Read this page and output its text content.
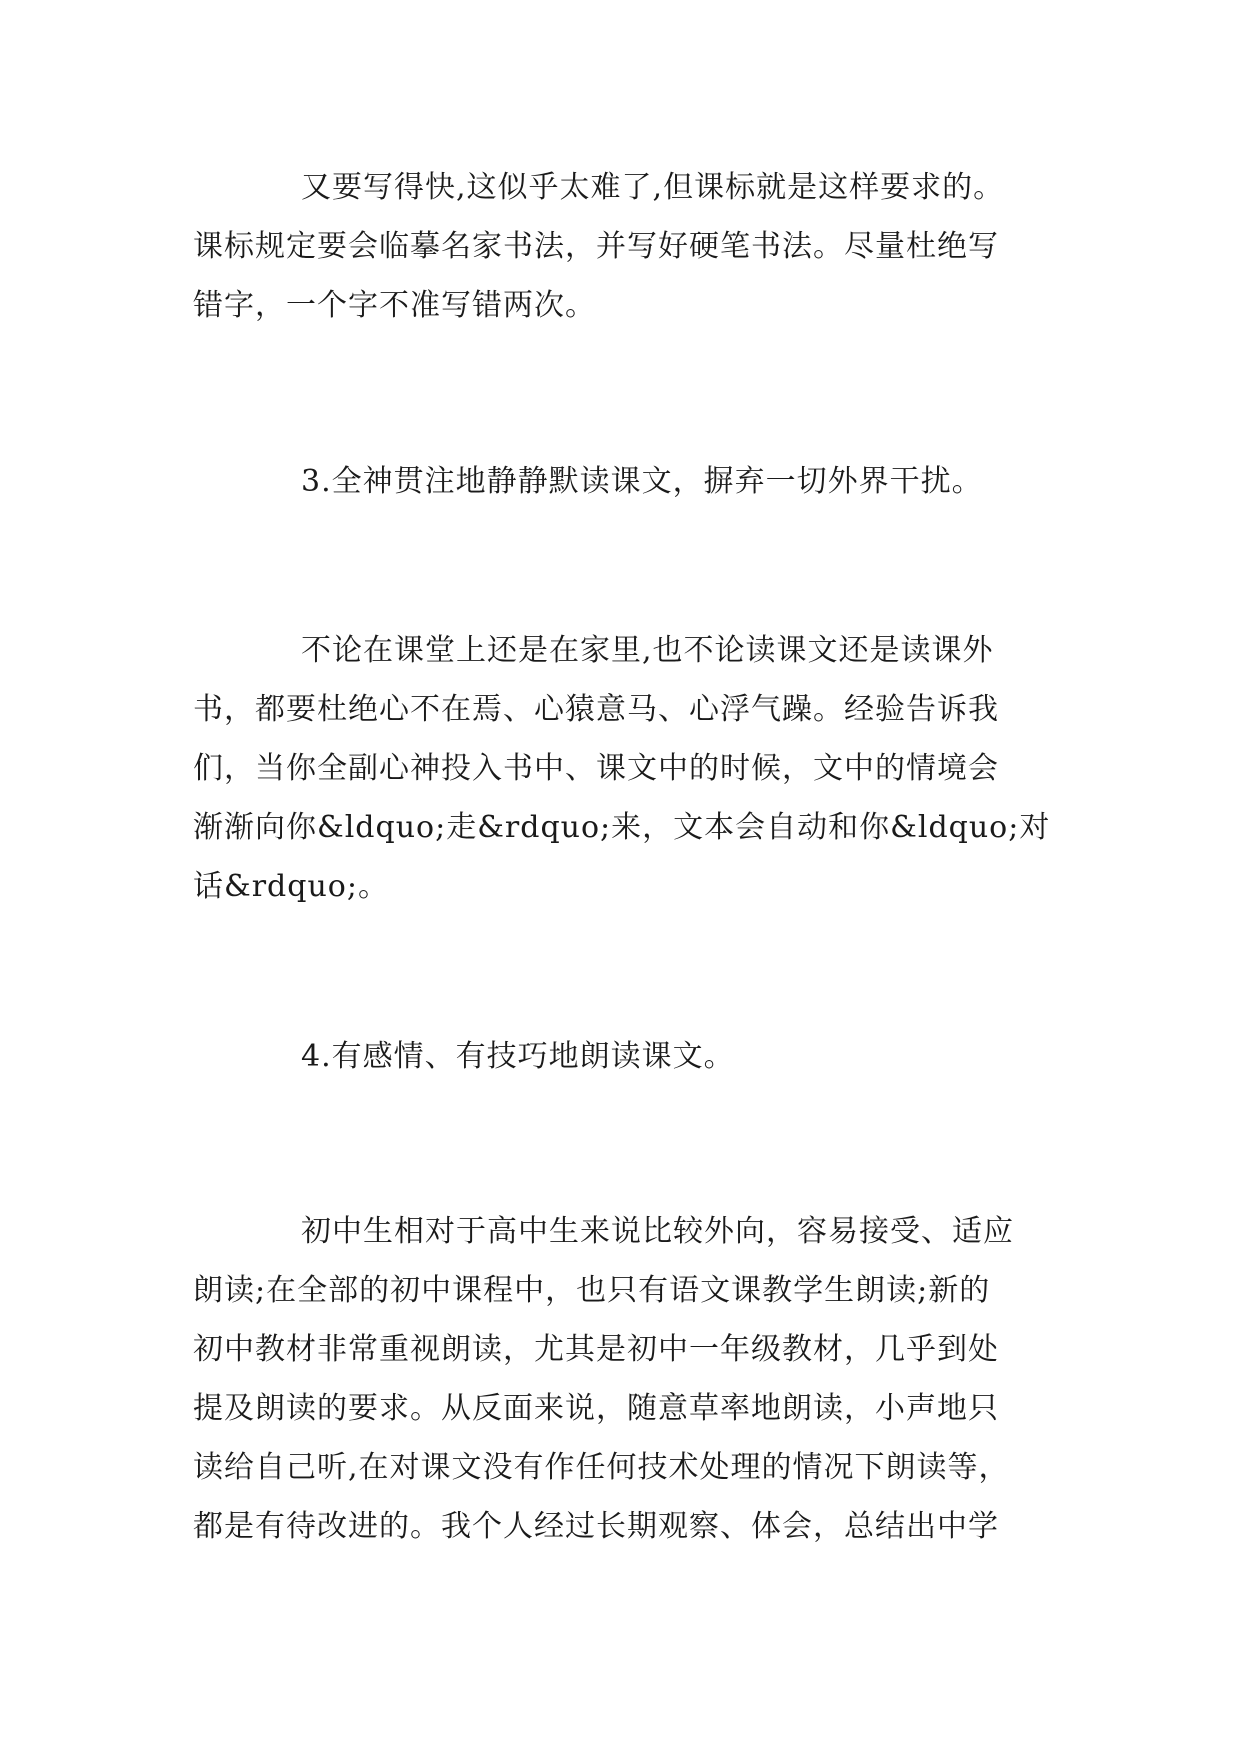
又要写得快,这似乎太难了,但课标就是这样要求的。
课标规定要会临摹名家书法，并写好硬笔书法。尽量杜绝写
错字，一个字不准写错两次。
3.全神贯注地静静默读课文，摒弃一切外界干扰。
不论在课堂上还是在家里,也不论读课文还是读课外
书，都要杜绝心不在焉、心猿意马、心浮气躁。经验告诉我
们，当你全副心神投入书中、课文中的时候，文中的情境会
渐渐向你&ldquo;走&rdquo;来，文本会自动和你&ldquo;对
话&rdquo;。
4.有感情、有技巧地朗读课文。
初中生相对于高中生来说比较外向，容易接受、适应
朗读;在全部的初中课程中，也只有语文课教学生朗读;新的
初中教材非常重视朗读，尤其是初中一年级教材，几乎到处
提及朗读的要求。从反面来说，随意草率地朗读，小声地只
读给自己听,在对课文没有作任何技术处理的情况下朗读等，
都是有待改进的。我个人经过长期观察、体会，总结出中学
